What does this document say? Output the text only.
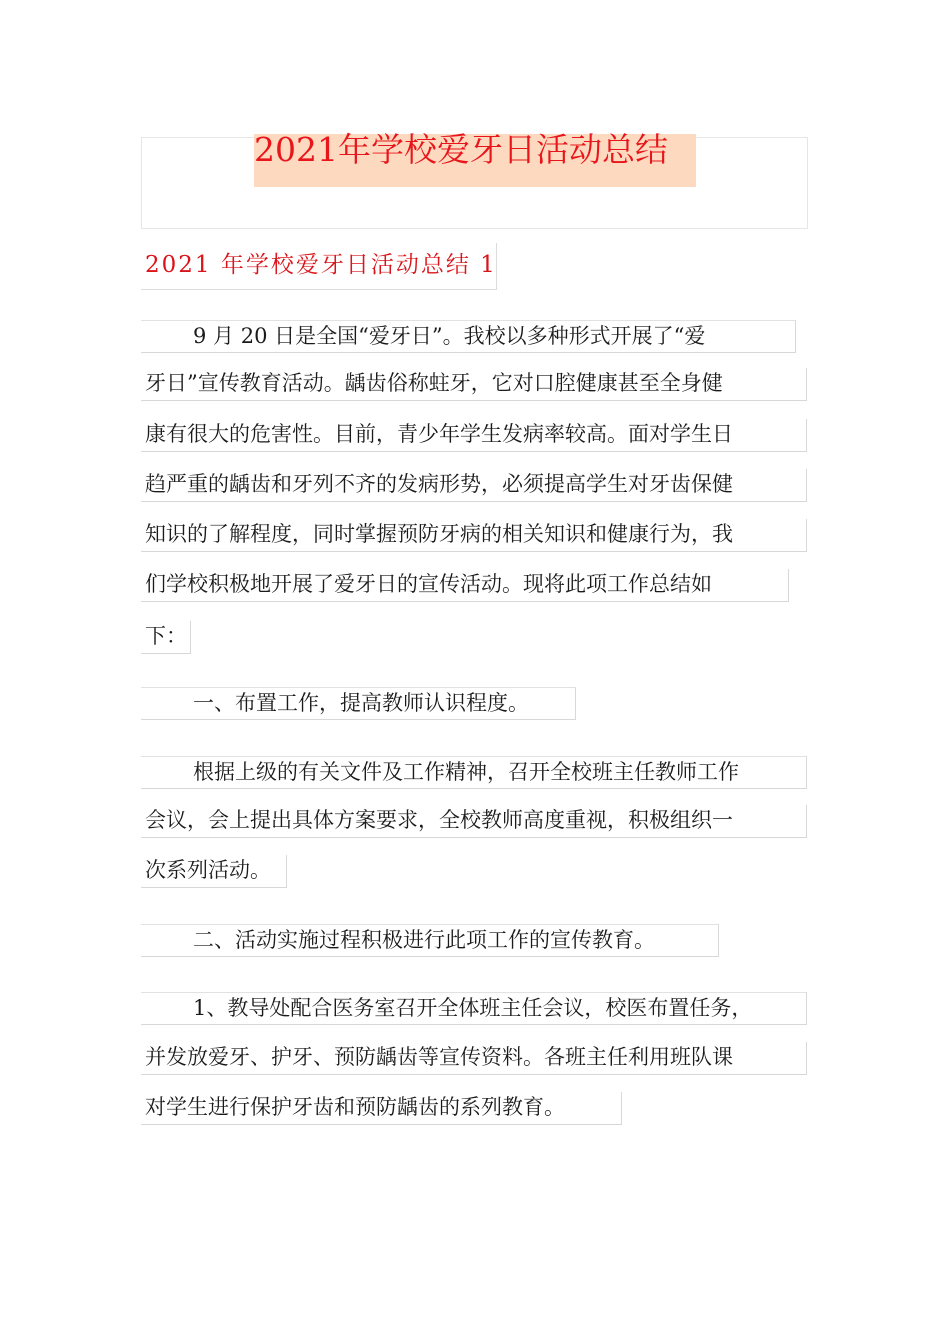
2021年学校爱牙日活动总结
2021 年学校爱牙日活动总结 1
9 月 20 日是全国“爱牙日”。我校以多种形式开展了“爱
牙日”宣传教育活动。龋齿俗称蛀牙，它对口腔健康甚至全身健
康有很大的危害性。目前，青少年学生发病率较高。面对学生日
趋严重的龋齿和牙列不齐的发病形势，必须提高学生对牙齿保健
知识的了解程度，同时掌握预防牙病的相关知识和健康行为，我
们学校积极地开展了爱牙日的宣传活动。现将此项工作总结如
下：
一、布置工作，提高教师认识程度。
根据上级的有关文件及工作精神，召开全校班主任教师工作
会议，会上提出具体方案要求，全校教师高度重视，积极组织一
次系列活动。
二、活动实施过程积极进行此项工作的宣传教育。
1、教导处配合医务室召开全体班主任会议，校医布置任务，
并发放爱牙、护牙、预防龋齿等宣传资料。各班主任利用班队课
对学生进行保护牙齿和预防龋齿的系列教育。
